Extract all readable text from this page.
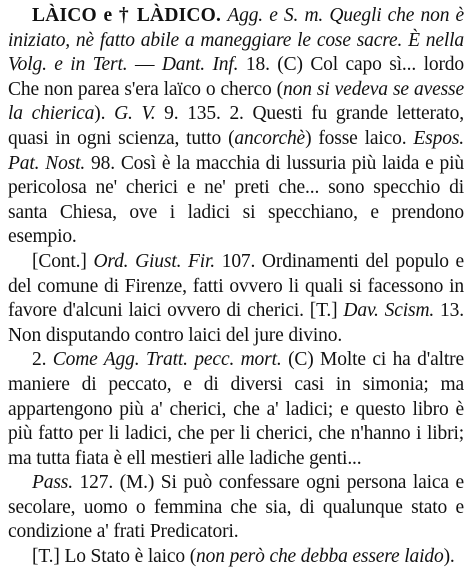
LÀICO e † LÀDICO. Agg. e S. m. Quegli che non è iniziato, nè fatto abile a maneggiare le cose sacre. È nella Volg. e in Tert. — Dant. Inf. 18. (C) Col capo sì... lordo Che non parea s'era laïco o cherco (non si vedeva se avesse la chierica). G. V. 9. 135. 2. Questi fu grande letterato, quasi in ogni scienza, tutto (ancorchè) fosse laico. Espos. Pat. Nost. 98. Così è la macchia di lussuria più laida e più pericolosa ne' cherici e ne' preti che... sono specchio di santa Chiesa, ove i ladici si specchiano, e prendono esempio.

[Cont.] Ord. Giust. Fir. 107. Ordinamenti del populo e del comune di Firenze, fatti ovvero li quali si facessono in favore d'alcuni laici ovvero di cherici. [T.] Dav. Scism. 13. Non disputando contro laici del jure divino.

2. Come Agg. Tratt. pecc. mort. (C) Molte ci ha d'altre maniere di peccato, e di diversi casi in simonia; ma appartengono più a' cherici, che a' ladici; e questo libro è più fatto per li ladici, che per li cherici, che n'hanno i libri; ma tutta fiata è ell mestieri alle ladiche genti...

Pass. 127. (M.) Si può confessare ogni persona laica e secolare, uomo o femmina che sia, di qualunque stato e condizione a' frati Predicatori.

[T.] Lo Stato è laico (non però che debba essere laido).
